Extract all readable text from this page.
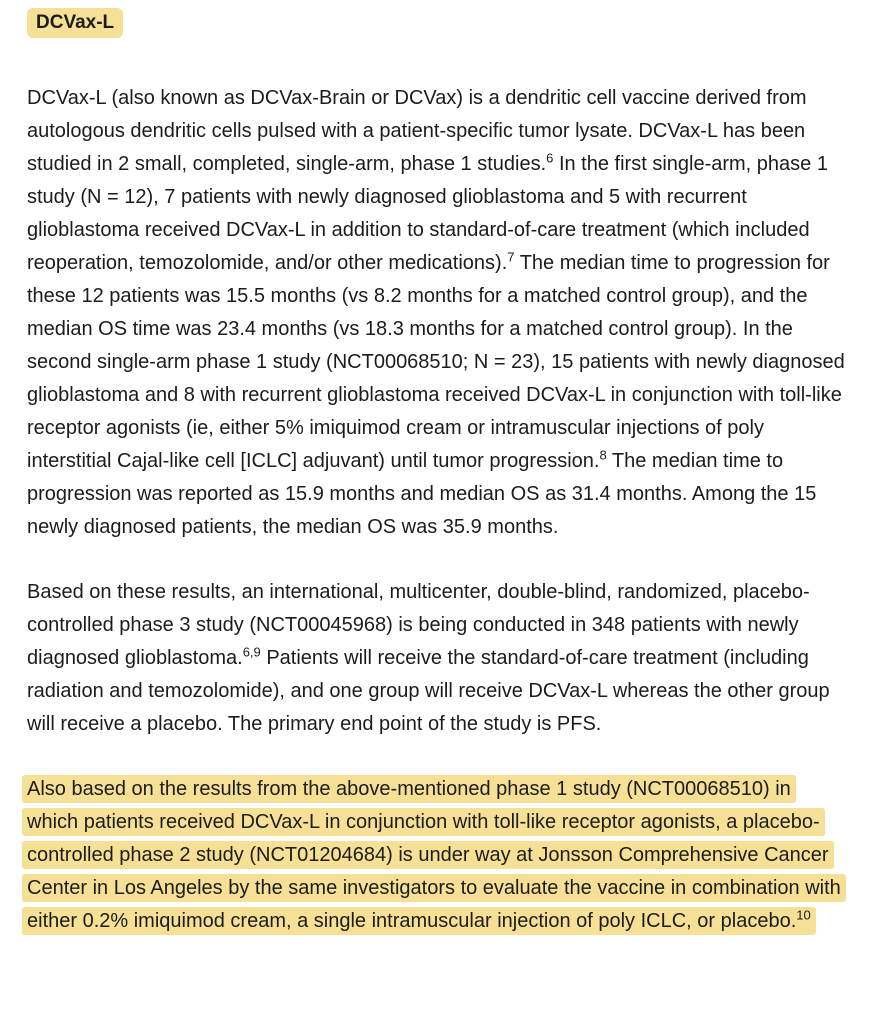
DCVax-L

DCVax-L (also known as DCVax-Brain or DCVax) is a dendritic cell vaccine derived from autologous dendritic cells pulsed with a patient-specific tumor lysate. DCVax-L has been studied in 2 small, completed, single-arm, phase 1 studies.$^6$ In the first single-arm, phase 1 study (N = 12), 7 patients with newly diagnosed glioblastoma and 5 with recurrent glioblastoma received DCVax-L in addition to standard-of-care treatment (which included reoperation, temozolomide, and/or other medications).$^7$ The median time to progression for these 12 patients was 15.5 months (vs 8.2 months for a matched control group), and the median OS time was 23.4 months (vs 18.3 months for a matched control group). In the second single-arm phase 1 study (NCT00068510; N = 23), 15 patients with newly diagnosed glioblastoma and 8 with recurrent glioblastoma received DCVax-L in conjunction with toll-like receptor agonists (ie, either 5% imiquimod cream or intramuscular injections of poly interstitial Cajal-like cell [ICLC] adjuvant) until tumor progression.$^8$ The median time to progression was reported as 15.9 months and median OS as 31.4 months. Among the 15 newly diagnosed patients, the median OS was 35.9 months.

Based on these results, an international, multicenter, double-blind, randomized, placebo-controlled phase 3 study (NCT00045968) is being conducted in 348 patients with newly diagnosed glioblastoma.$^{6,9}$ Patients will receive the standard-of-care treatment (including radiation and temozolomide), and one group will receive DCVax-L whereas the other group will receive a placebo. The primary end point of the study is PFS.

Also based on the results from the above-mentioned phase 1 study (NCT00068510) in which patients received DCVax-L in conjunction with toll-like receptor agonists, a placebo-controlled phase 2 study (NCT01204684) is under way at Jonsson Comprehensive Cancer Center in Los Angeles by the same investigators to evaluate the vaccine in combination with either 0.2% imiquimod cream, a single intramuscular injection of poly ICLC, or placebo.$^{10}$
